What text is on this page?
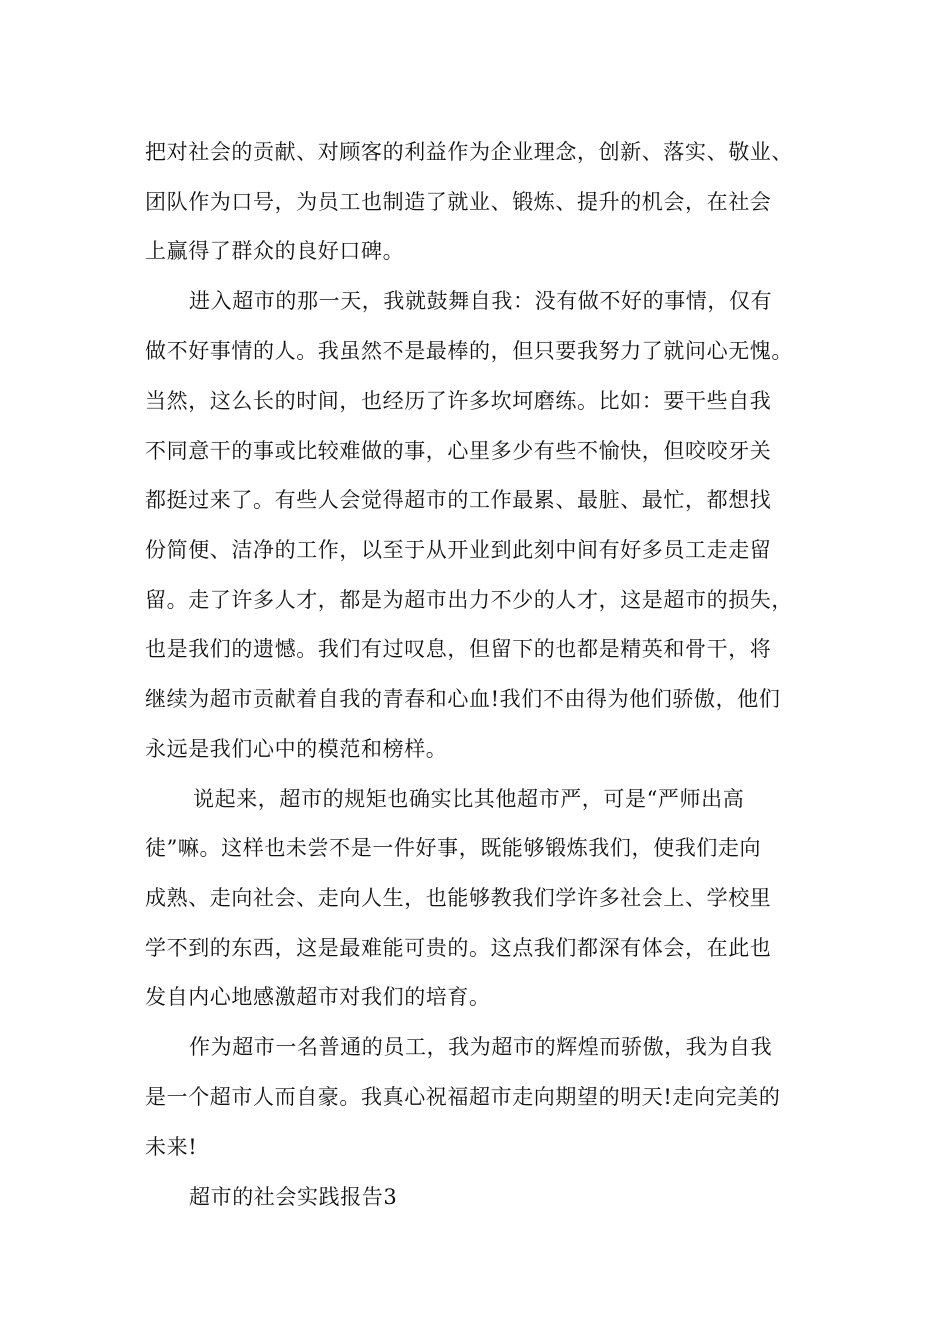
把对社会的贡献、对顾客的利益作为企业理念，创新、落实、敬业、
团队作为口号，为员工也制造了就业、锻炼、提升的机会，在社会
上赢得了群众的良好口碑。
进入超市的那一天，我就鼓舞自我：没有做不好的事情，仅有
做不好事情的人。我虽然不是最棒的，但只要我努力了就问心无愧。
当然，这么长的时间，也经历了许多坎坷磨练。比如：要干些自我
不同意干的事或比较难做的事，心里多少有些不愉快，但咬咬牙关
都挺过来了。有些人会觉得超市的工作最累、最脏、最忙，都想找
份简便、洁净的工作，以至于从开业到此刻中间有好多员工走走留
留。走了许多人才，都是为超市出力不少的人才，这是超市的损失，
也是我们的遗憾。我们有过叹息，但留下的也都是精英和骨干，将
继续为超市贡献着自我的青春和心血!我们不由得为他们骄傲，他们
永远是我们心中的模范和榜样。
说起来，超市的规矩也确实比其他超市严，可是“严师出高
徒”嘛。这样也未尝不是一件好事，既能够锻炼我们，使我们走向
成熟、走向社会、走向人生，也能够教我们学许多社会上、学校里
学不到的东西，这是最难能可贵的。这点我们都深有体会，在此也
发自内心地感激超市对我们的培育。
作为超市一名普通的员工，我为超市的辉煌而骄傲，我为自我
是一个超市人而自豪。我真心祝福超市走向期望的明天!走向完美的
未来!
超市的社会实践报告3
